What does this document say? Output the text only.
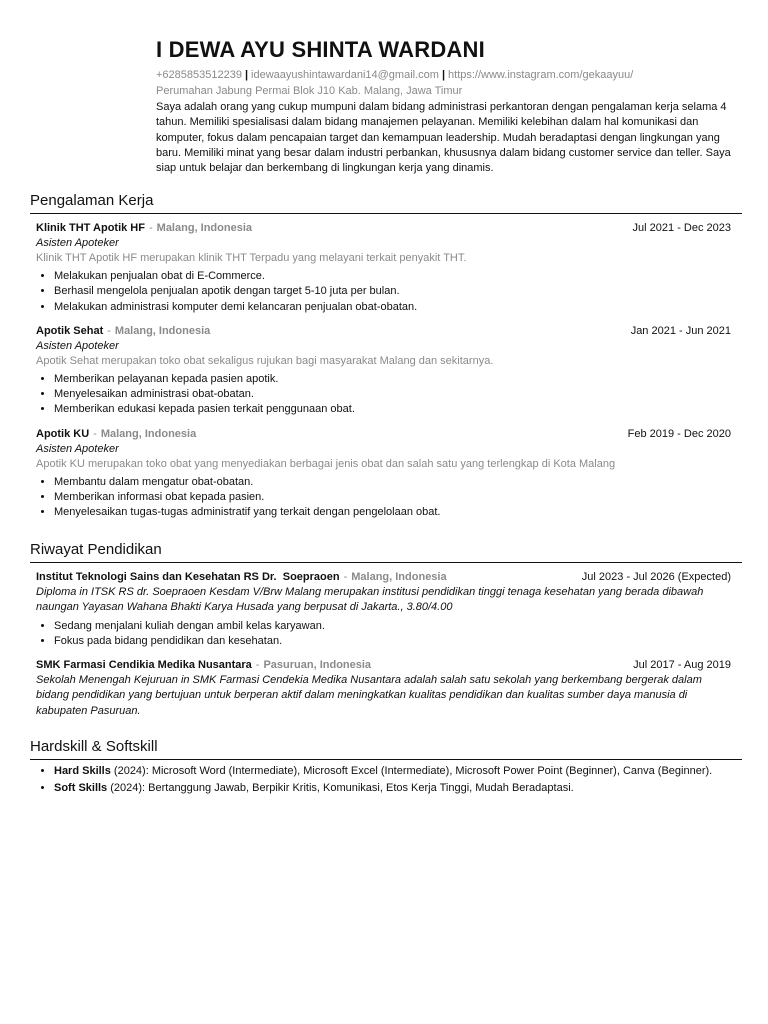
I DEWA AYU SHINTA WARDANI
+6285853512239 | idewaayushintawardani14@gmail.com | https://www.instagram.com/gekaayuu/
Perumahan Jabung Permai Blok J10 Kab. Malang, Jawa Timur
Saya adalah orang yang cukup mumpuni dalam bidang administrasi perkantoran dengan pengalaman kerja selama 4 tahun. Memiliki spesialisasi dalam bidang manajemen pelayanan. Memiliki kelebihan dalam hal komunikasi dan komputer, fokus dalam pencapaian target dan kemampuan leadership. Mudah beradaptasi dengan lingkungan yang baru. Memiliki minat yang besar dalam industri perbankan, khususnya dalam bidang customer service dan teller. Saya siap untuk belajar dan berkembang di lingkungan kerja yang dinamis.
Pengalaman Kerja
Klinik THT Apotik HF - Malang, Indonesia	Jul 2021 - Dec 2023
Asisten Apoteker
Klinik THT Apotik HF merupakan klinik THT Terpadu yang melayani terkait penyakit THT.
• Melakukan penjualan obat di E-Commerce.
• Berhasil mengelola penjualan apotik dengan target 5-10 juta per bulan.
• Melakukan administrasi komputer demi kelancaran penjualan obat-obatan.
Apotik Sehat - Malang, Indonesia	Jan 2021 - Jun 2021
Asisten Apoteker
Apotik Sehat merupakan toko obat sekaligus rujukan bagi masyarakat Malang dan sekitarnya.
• Memberikan pelayanan kepada pasien apotik.
• Menyelesaikan administrasi obat-obatan.
• Memberikan edukasi kepada pasien terkait penggunaan obat.
Apotik KU - Malang, Indonesia	Feb 2019 - Dec 2020
Asisten Apoteker
Apotik KU merupakan toko obat yang menyediakan berbagai jenis obat dan salah satu yang terlengkap di Kota Malang
• Membantu dalam mengatur obat-obatan.
• Memberikan informasi obat kepada pasien.
• Menyelesaikan tugas-tugas administratif yang terkait dengan pengelolaan obat.
Riwayat Pendidikan
Institut Teknologi Sains dan Kesehatan RS Dr.  Soepraoen - Malang, Indonesia	Jul 2023 - Jul 2026 (Expected)
Diploma in ITSK RS dr. Soepraoen Kesdam V/Brw Malang merupakan institusi pendidikan tinggi tenaga kesehatan yang berada dibawah naungan Yayasan Wahana Bhakti Karya Husada yang berpusat di Jakarta., 3.80/4.00
• Sedang menjalani kuliah dengan ambil kelas karyawan.
• Fokus pada bidang pendidikan dan kesehatan.
SMK Farmasi Cendikia Medika Nusantara - Pasuruan, Indonesia	Jul 2017 - Aug 2019
Sekolah Menengah Kejuruan in SMK Farmasi Cendekia Medika Nusantara adalah salah satu sekolah yang berkembang bergerak dalam bidang pendidikan yang bertujuan untuk berperan aktif dalam meningkatkan kualitas pendidikan dan kualitas sumber daya manusia di kabupaten Pasuruan.
Hardskill & Softskill
• Hard Skills (2024): Microsoft Word (Intermediate), Microsoft Excel (Intermediate), Microsoft Power Point (Beginner), Canva (Beginner).
• Soft Skills (2024): Bertanggung Jawab, Berpikir Kritis, Komunikasi, Etos Kerja Tinggi, Mudah Beradaptasi.
